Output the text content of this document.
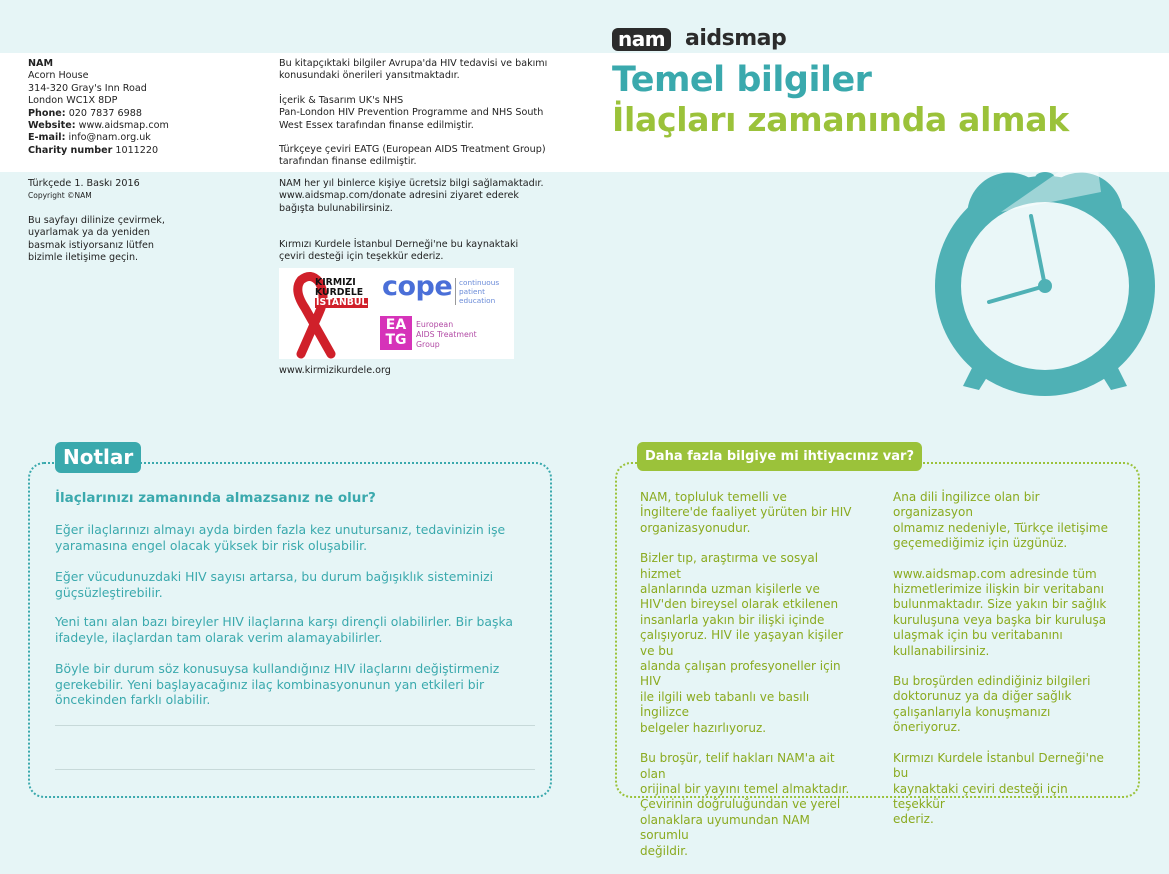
NAM

Acorn House

314-320 Gray's Inn Road

London WC1X 8DP

Phone: 020 7837 6988

Website: www.aidsmap.com

E-mail: info@nam.org.uk

Charity number 1011220

Türkçede 1. Baskı 2016

Copyright ©NAM

Bu sayfayı dilinize çevirmek,

uyarlamak ya da yeniden

basmak istiyorsanız lütfen

bizimle iletişime geçin.

Bu kitapçıktaki bilgiler Avrupa'da HIV tedavisi ve bakımı

konusundaki önerileri yansıtmaktadır.

İçerik & Tasarım UK's NHS

Pan-London HIV Prevention Programme and NHS South

West Essex tarafından finanse edilmiştir.

Türkçeye çeviri EATG (European AIDS Treatment Group)

tarafından finanse edilmiştir.

NAM her yıl binlerce kişiye ücretsiz bilgi sağlamaktadır.

www.aidsmap.com/donate adresini ziyaret ederek

bağışta bulunabilirsiniz.

Kırmızı Kurdele İstanbul Derneği'ne bu kaynaktaki

çeviri desteği için teşekkür ederiz.

KIRMIZI
KURDELE
İSTANBUL
cope continuous
patient
education
EA
TG
European
AIDS Treatment
Group
www.kirmizikurdele.org
nam aidsmap
Temel bilgiler
İlaçları zamanında almak
Notlar
İlaçlarınızı zamanında almazsanız ne olur?

Eğer ilaçlarınızı almayı ayda birden fazla kez unutursanız, tedavinizin işe
yaramasına engel olacak yüksek bir risk oluşabilir.

Eğer vücudunuzdaki HIV sayısı artarsa, bu durum bağışıklık sisteminizi
güçsüzleştirebilir.

Yeni tanı alan bazı bireyler HIV ilaçlarına karşı dirençli olabilirler. Bir başka
ifadeyle, ilaçlardan tam olarak verim alamayabilirler.

Böyle bir durum söz konusuysa kullandığınız HIV ilaçlarını değiştirmeniz
gerekebilir. Yeni başlayacağınız ilaç kombinasyonunun yan etkileri bir
öncekinden farklı olabilir.

Daha fazla bilgiye mi ihtiyacınız var?

NAM, topluluk temelli ve
İngiltere'de faaliyet yürüten bir HIV
organizasyonudur.

Bizler tıp, araştırma ve sosyal hizmet
alanlarında uzman kişilerle ve
HIV'den bireysel olarak etkilenen
insanlarla yakın bir ilişki içinde
çalışıyoruz. HIV ile yaşayan kişiler ve bu
alanda çalışan profesyoneller için HIV
ile ilgili web tabanlı ve basılı İngilizce
belgeler hazırlıyoruz.

Bu broşür, telif hakları NAM'a ait olan
orijinal bir yayını temel almaktadır.
Çevirinin doğruluğundan ve yerel
olanaklara uyumundan NAM sorumlu
değildir.

Ana dili İngilizce olan bir organizasyon
olmamız nedeniyle, Türkçe iletişime
geçemediğimiz için üzgünüz.

www.aidsmap.com adresinde tüm
hizmetlerimize ilişkin bir veritabanı
bulunmaktadır. Size yakın bir sağlık
kuruluşuna veya başka bir kuruluşa
ulaşmak için bu veritabanını
kullanabilirsiniz.

Bu broşürden edindiğiniz bilgileri
doktorunuz ya da diğer sağlık
çalışanlarıyla konuşmanızı öneriyoruz.

Kırmızı Kurdele İstanbul Derneği'ne bu
kaynaktaki çeviri desteği için teşekkür
ederiz.
